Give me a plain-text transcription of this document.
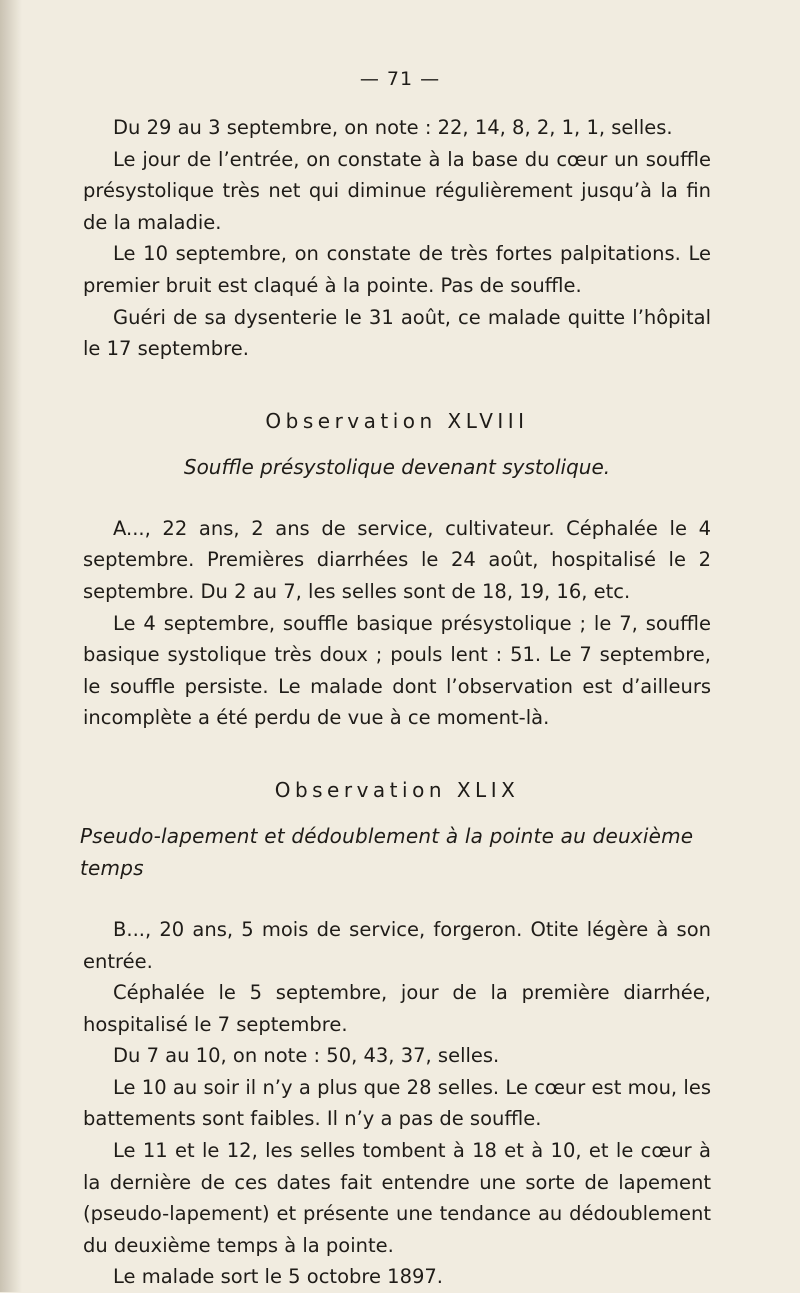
— 71 —

Du 29 au 3 septembre, on note : 22, 14, 8, 2, 1, 1, selles.

Le jour de l’entrée, on constate à la base du cœur un souffle présystolique très net qui diminue régulièrement jusqu’à la fin de la maladie.

Le 10 septembre, on constate de très fortes palpitations. Le premier bruit est claqué à la pointe. Pas de souffle.

Guéri de sa dysenterie le 31 août, ce malade quitte l’hôpital le 17 septembre.

Observation XLVIII
Souffle présystolique devenant systolique.

A..., 22 ans, 2 ans de service, cultivateur. Céphalée le 4 septembre. Premières diarrhées le 24 août, hospitalisé le 2 septembre. Du 2 au 7, les selles sont de 18, 19, 16, etc.

Le 4 septembre, souffle basique présystolique ; le 7, souffle basique systolique très doux ; pouls lent : 51. Le 7 septembre, le souffle persiste. Le malade dont l’observation est d’ailleurs incomplète a été perdu de vue à ce moment-là.

Observation XLIX
Pseudo-lapement et dédoublement à la pointe au deuxième temps

B..., 20 ans, 5 mois de service, forgeron. Otite légère à son entrée.

Céphalée le 5 septembre, jour de la première diarrhée, hospitalisé le 7 septembre.

Du 7 au 10, on note : 50, 43, 37, selles.

Le 10 au soir il n’y a plus que 28 selles. Le cœur est mou, les battements sont faibles. Il n’y a pas de souffle.

Le 11 et le 12, les selles tombent à 18 et à 10, et le cœur à la dernière de ces dates fait entendre une sorte de lapement (pseudo-lapement) et présente une tendance au dédoublement du deuxième temps à la pointe.

Le malade sort le 5 octobre 1897.
